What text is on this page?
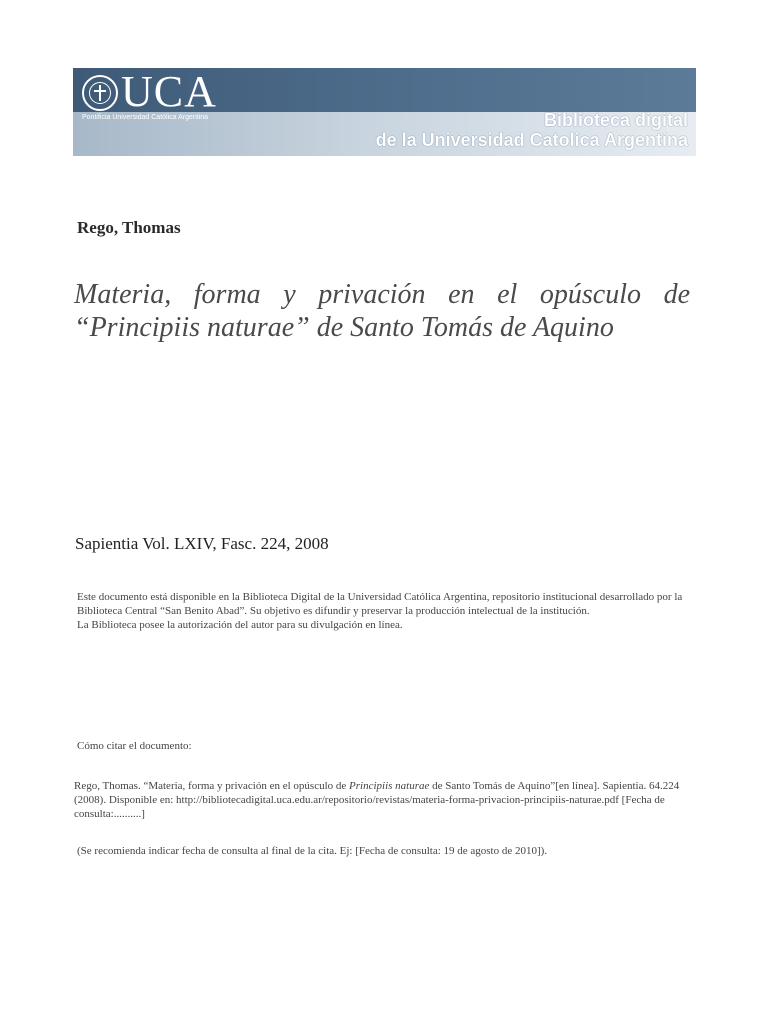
UCA
Pontificia Universidad Católica Argentina	Biblioteca digital
de la Universidad Catolica Argentina
Rego, Thomas
Materia, forma y privación en el opúsculo de “Principiis naturae” de Santo Tomás de Aquino
Sapientia Vol. LXIV, Fasc. 224, 2008

Este documento está disponible en la Biblioteca Digital de la Universidad Católica Argentina, repositorio institucional desarrollado por la Biblioteca Central “San Benito Abad”. Su objetivo es difundir y preservar la producción intelectual de la institución.

La Biblioteca posee la autorización del autor para su divulgación en línea.

Cómo citar el documento:
Rego, Thomas. “Materia, forma y privación en el opúsculo de Principiis naturae de Santo Tomás de Aquino”[en línea]. Sapientia. 64.224 (2008). Disponible en: http://bibliotecadigital.uca.edu.ar/repositorio/revistas/materia-forma-privacion-principiis-naturae.pdf [Fecha de consulta:..........]
(Se recomienda indicar fecha de consulta al final de la cita. Ej: [Fecha de consulta: 19 de agosto de 2010]).
